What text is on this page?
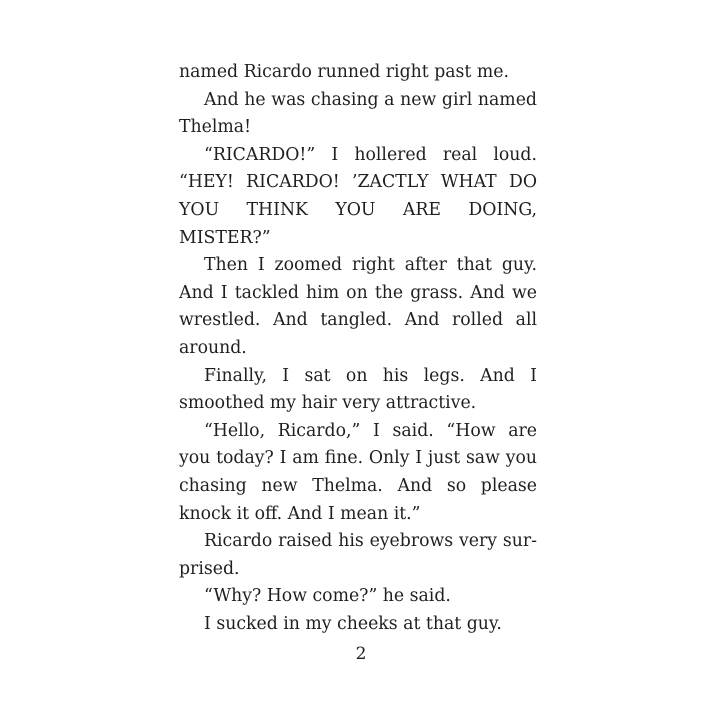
named Ricardo runned right past me.

And he was chasing a new girl named Thelma!

“RICARDO!” I hollered real loud. “HEY! RICARDO! ’ZACTLY WHAT DO YOU THINK YOU ARE DOING, MISTER?”

Then I zoomed right after that guy. And I tackled him on the grass. And we wrestled. And tangled. And rolled all around.

Finally, I sat on his legs. And I smoothed my hair very attractive.

“Hello, Ricardo,” I said. “How are you today? I am fine. Only I just saw you chasing new Thelma. And so please knock it off. And I mean it.”

Ricardo raised his eyebrows very surprised.

“Why? How come?” he said.

I sucked in my cheeks at that guy.

2
